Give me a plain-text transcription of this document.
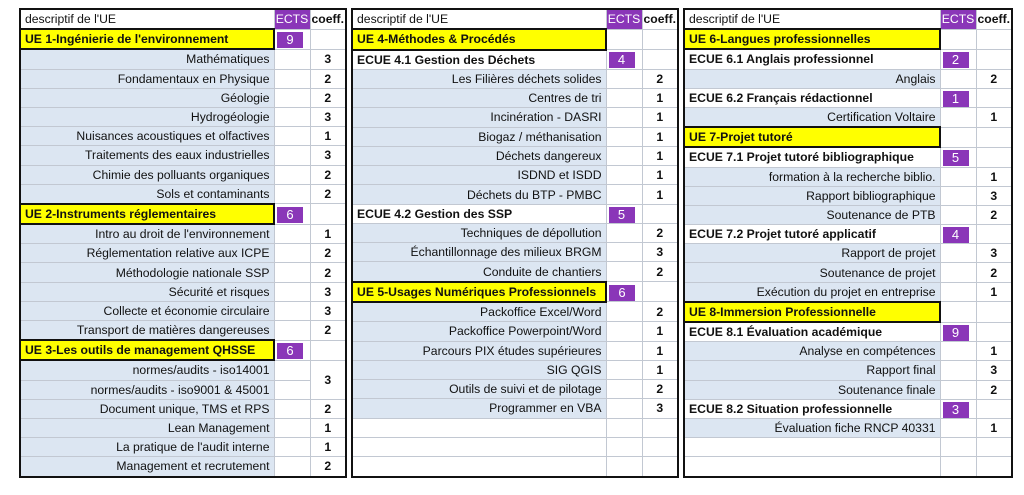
descriptif de l'UE	ECTS	coeff.
UE 1-Ingénierie de l'environnement	9	
Mathématiques		3
Fondamentaux en Physique		2
Géologie		2
Hydrogéologie		3
Nuisances acoustiques et olfactives		1
Traitements des eaux industrielles		3
Chimie des polluants organiques		2
Sols et contaminants		2
UE 2-Instruments réglementaires	6	
Intro au droit de l'environnement		1
Réglementation relative aux ICPE		2
Méthodologie nationale SSP		2
Sécurité et risques		3
Collecte et économie circulaire		3
Transport de matières dangereuses		2
UE 3-Les outils de management QHSSE	6	
normes/audits - iso14001		3
normes/audits - iso9001 & 45001		
Document unique, TMS et RPS		2
Lean Management		1
La pratique de l'audit interne		1
Management et recrutement		2
descriptif de l'UE	ECTS	coeff.
UE 4-Méthodes & Procédés		
ECUE 4.1 Gestion des Déchets	4	
Les Filières déchets solides		2
Centres de tri		1
Incinération - DASRI		1
Biogaz / méthanisation		1
Déchets dangereux		1
ISDND et ISDD		1
Déchets du BTP - PMBC		1
ECUE 4.2 Gestion des SSP	5	
Techniques de dépollution		2
Échantillonnage des milieux BRGM		3
Conduite de chantiers		2
UE 5-Usages Numériques Professionnels	6	
Packoffice Excel/Word		2
Packoffice Powerpoint/Word		1
Parcours PIX études supérieures		1
SIG QGIS		1
Outils de suivi et de pilotage		2
Programmer en VBA		3

descriptif de l'UE	ECTS	coeff.
UE 6-Langues professionnelles		
ECUE 6.1 Anglais professionnel	2	
Anglais		2
ECUE 6.2 Français rédactionnel	1	
Certification Voltaire		1
UE 7-Projet tutoré		
ECUE 7.1 Projet tutoré bibliographique	5	
formation à la recherche biblio.		1
Rapport bibliographique		3
Soutenance de PTB		2
ECUE 7.2 Projet tutoré applicatif	4	
Rapport de projet		3
Soutenance de projet		2
Exécution du projet en entreprise		1
UE 8-Immersion Professionnelle		
ECUE 8.1 Évaluation académique	9	
Analyse en compétences		1
Rapport final		3
Soutenance finale		2
ECUE 8.2 Situation professionnelle	3	
Évaluation fiche RNCP 40331		1
